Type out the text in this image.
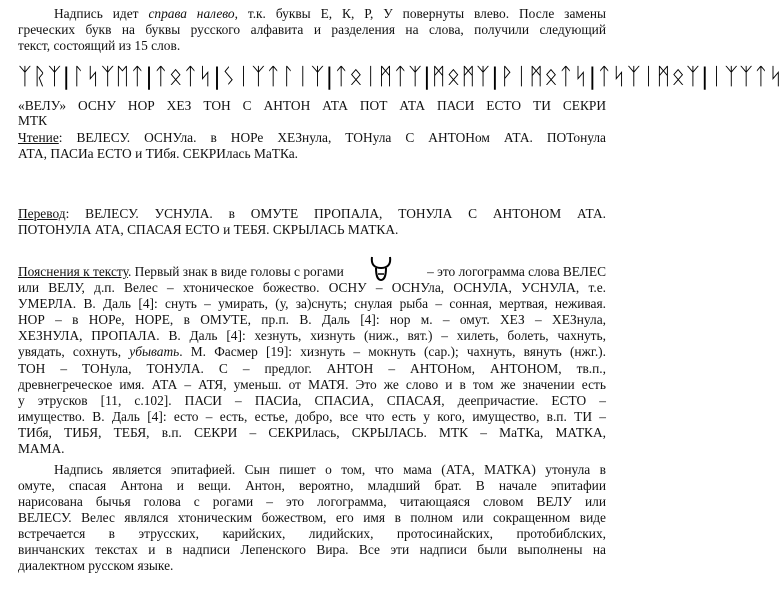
Надпись идет справа налево, т.к. буквы Е, К, Р, У повернуты влево. После замены
греческих букв на буквы русского алфавита и разделения на слова, получили следующий
текст, состоящий из 15 слов.
ᛉᚱᛉ|ᛚᛋᛉᛖᛏ|ᛏᛟᛏᛋ|ᛊᛁᛉᛏᛚᛁᛉ|ᛏᛟᛁᛗᛏᛉ|ᛗᛟᛗᛉ|ᚹᛁᛗᛟᛏᛋ|ᛏᛋᛉᛁᛗᛟᛉ|ᛁᛉᛉᛏᛋ
«ВЕЛУ» ОСНУ НОР ХЕЗ ТОН С АНТОН АТА ПОТ АТА ПАСИ ЕСТО ТИ СЕКРИ
МТК
Чтение: ВЕЛЕСУ. ОСНУла. в НОРе ХЕЗнула, ТОНула С АНТОНом АТА. ПОТонула
АТА, ПАСИа ЕСТО и ТИбя. СЕКРИлась МаТКа.
Перевод: ВЕЛЕСУ. УСНУЛА. в ОМУТЕ ПРОПАЛА, ТОНУЛА С АНТОНОМ АТА.
ПОТОНУЛА АТА, СПАСАЯ ЕСТО и ТЕБЯ. СКРЫЛАСЬ МАТКА.
Пояснения к тексту. Первый знак в виде головы с рогами	– это логограмма слова ВЕЛЕС
или ВЕЛУ, д.п. Велес – хтоническое божество. ОСНУ – ОСНУла, ОСНУЛА, УСНУЛА, т.е.
УМЕРЛА. В. Даль [4]: снуть – умирать, (у, за)снуть; снулая рыба – сонная, мертвая, неживая.
НОР – в НОРе, НОРЕ, в ОМУТЕ, пр.п. В. Даль [4]: нор м. – омут. ХЕЗ – ХЕЗнула,
ХЕЗНУЛА, ПРОПАЛА. В. Даль [4]: хезнуть, хизнуть (ниж., вят.) – хилеть, болеть, чахнуть,
увядать, сохнуть, убывать. М. Фасмер [19]: хизнуть – мокнуть (сар.); чахнуть, вянуть (нжг.).
ТОН – ТОНула, ТОНУЛА. С – предлог. АНТОН – АНТОНом, АНТОНОМ, тв.п.,
древнегреческое имя. АТА – АТЯ, уменьш. от МАТЯ. Это же слово и в том же значении есть
у этрусков [11, с.102]. ПАСИ – ПАСИа, СПАСИА, СПАСАЯ, деепричастие. ЕСТО –
имущество. В. Даль [4]: есто – есть, естье, добро, все что есть у кого, имущество, в.п. ТИ –
ТИбя, ТИБЯ, ТЕБЯ, в.п. СЕКРИ – СЕКРИлась, СКРЫЛАСЬ. МТК – МаТКа, МАТКА,
МАМА.
Надпись является эпитафией. Сын пишет о том, что мама (АТА, МАТКА) утонула в
омуте, спасая Антона и вещи. Антон, вероятно, младший брат. В начале эпитафии
нарисована бычья голова с рогами – это логограмма, читающаяся словом ВЕЛУ или
ВЕЛЕСУ. Велес являлся хтоническим божеством, его имя в полном или сокращенном виде
встречается в этрусских, карийских, лидийских, протосинайских, протобиблских,
винчанских текстах и в надписи Лепенского Вира. Все эти надписи были выполнены на
диалектном русском языке.
